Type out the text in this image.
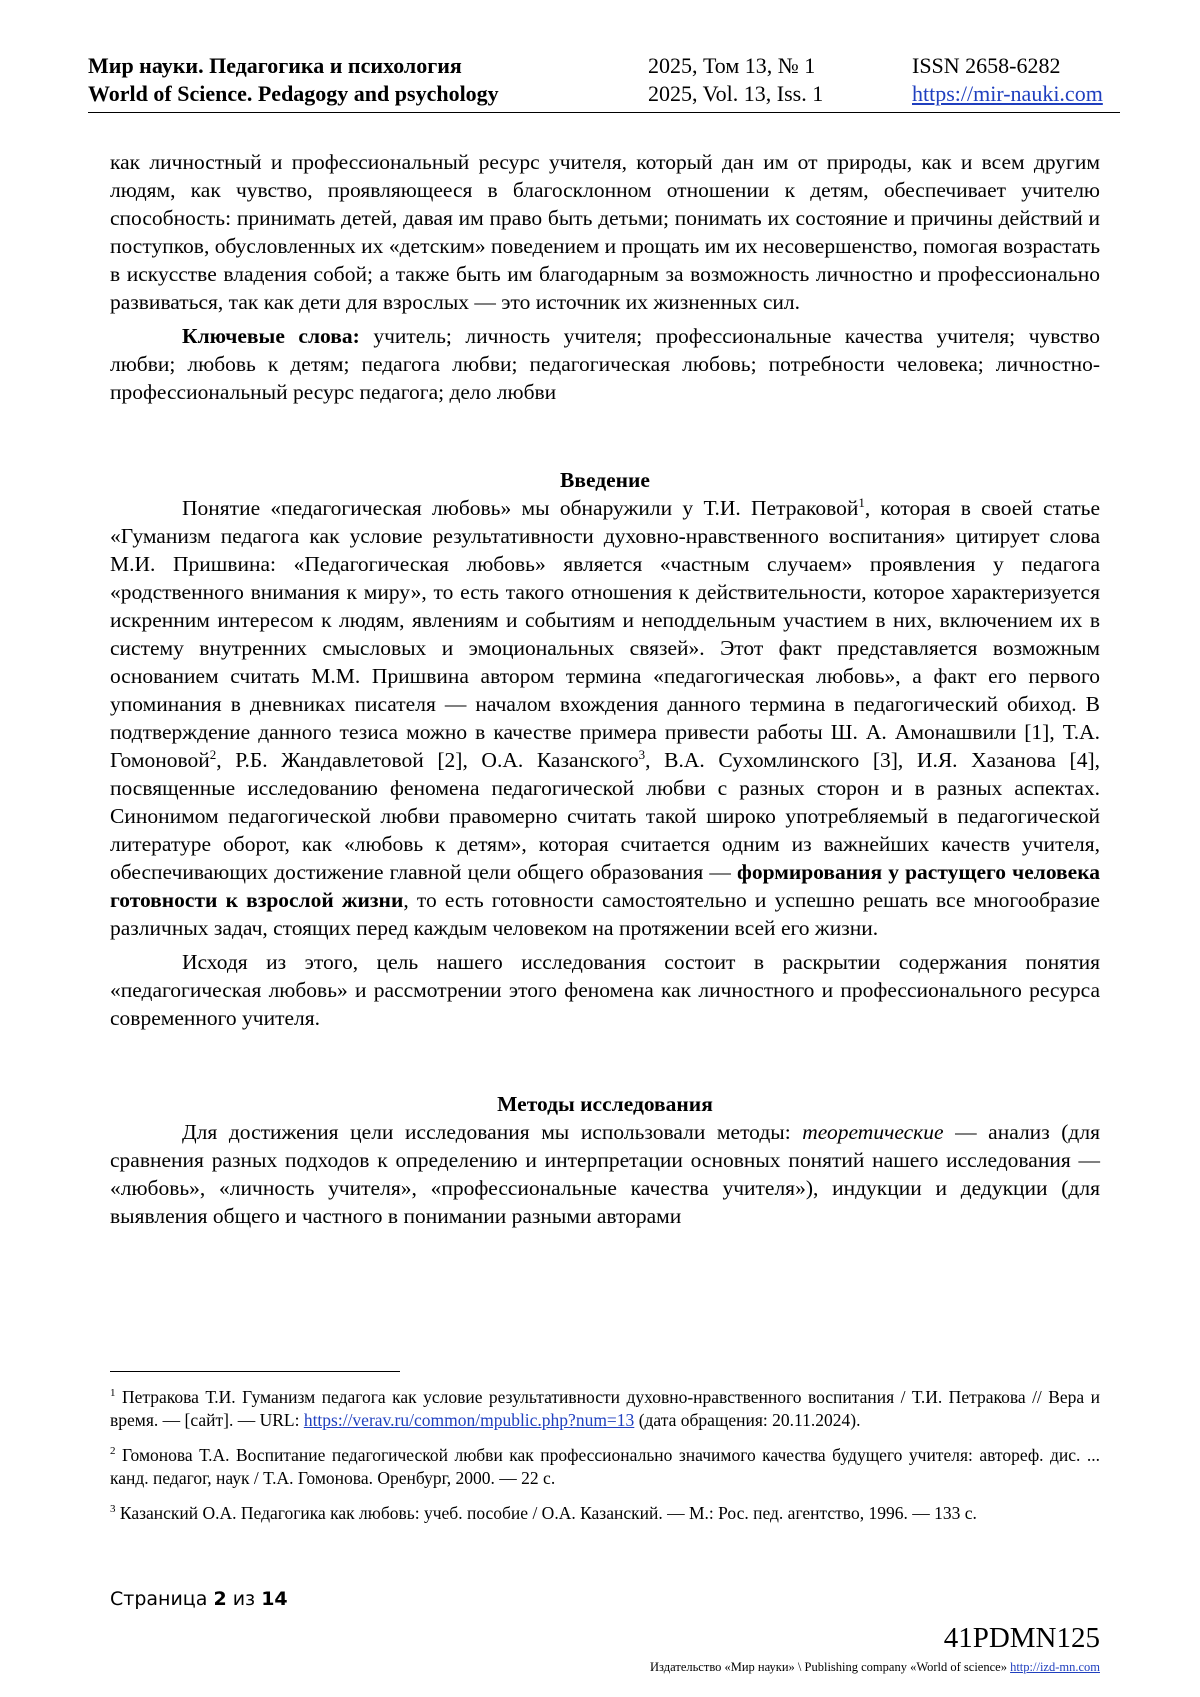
Мир науки. Педагогика и психология
World of Science. Pedagogy and psychology
2025, Том 13, № 1
2025, Vol. 13, Iss. 1
ISSN 2658-6282
https://mir-nauki.com

как личностный и профессиональный ресурс учителя, который дан им от природы, как и всем другим людям, как чувство, проявляющееся в благосклонном отношении к детям, обеспечивает учителю способность: принимать детей, давая им право быть детьми; понимать их состояние и причины действий и поступков, обусловленных их «детским» поведением и прощать им их несовершенство, помогая возрастать в искусстве владения собой; а также быть им благодарным за возможность личностно и профессионально развиваться, так как дети для взрослых — это источник их жизненных сил.

Ключевые слова: учитель; личность учителя; профессиональные качества учителя; чувство любви; любовь к детям; педагога любви; педагогическая любовь; потребности человека; личностно-профессиональный ресурс педагога; дело любви

Введение

Понятие «педагогическая любовь» мы обнаружили у Т.И. Петраковой$^1$, которая в своей статье «Гуманизм педагога как условие результативности духовно-нравственного воспитания» цитирует слова М.И. Пришвина: «Педагогическая любовь» является «частным случаем» проявления у педагога «родственного внимания к миру», то есть такого отношения к действительности, которое характеризуется искренним интересом к людям, явлениям и событиям и неподдельным участием в них, включением их в систему внутренних смысловых и эмоциональных связей». Этот факт представляется возможным основанием считать М.М. Пришвина автором термина «педагогическая любовь», а факт его первого упоминания в дневниках писателя — началом вхождения данного термина в педагогический обиход. В подтверждение данного тезиса можно в качестве примера привести работы Ш. А. Амонашвили [1], Т.А. Гомоновой$^2$, Р.Б. Жандавлетовой [2], О.А. Казанского$^3$, В.А. Сухомлинского [3], И.Я. Хазанова [4], посвященные исследованию феномена педагогической любви с разных сторон и в разных аспектах. Синонимом педагогической любви правомерно считать такой широко употребляемый в педагогической литературе оборот, как «любовь к детям», которая считается одним из важнейших качеств учителя, обеспечивающих достижение главной цели общего образования — формирования у растущего человека готовности к взрослой жизни, то есть готовности самостоятельно и успешно решать все многообразие различных задач, стоящих перед каждым человеком на протяжении всей его жизни.

Исходя из этого, цель нашего исследования состоит в раскрытии содержания понятия «педагогическая любовь» и рассмотрении этого феномена как личностного и профессионального ресурса современного учителя.

Методы исследования

Для достижения цели исследования мы использовали методы: теоретические — анализ (для сравнения разных подходов к определению и интерпретации основных понятий нашего исследования — «любовь», «личность учителя», «профессиональные качества учителя»), индукции и дедукции (для выявления общего и частного в понимании разными авторами

$^1$ Петракова Т.И. Гуманизм педагога как условие результативности духовно-нравственного воспитания / Т.И. Петракова // Вера и время. — [сайт]. — URL: https://verav.ru/common/mpublic.php?num=13 (дата обращения: 20.11.2024).

$^2$ Гомонова Т.А. Воспитание педагогической любви как профессионально значимого качества будущего учителя: автореф. дис. ... канд. педагог, наук / Т.А. Гомонова. Оренбург, 2000. — 22 с.

$^3$ Казанский О.А. Педагогика как любовь: учеб. пособие / О.А. Казанский. — М.: Рос. пед. агентство, 1996. — 133 с.

Страница 2 из 14
41PDMN125
Издательство «Мир науки» \ Publishing company «World of science» http://izd-mn.com
